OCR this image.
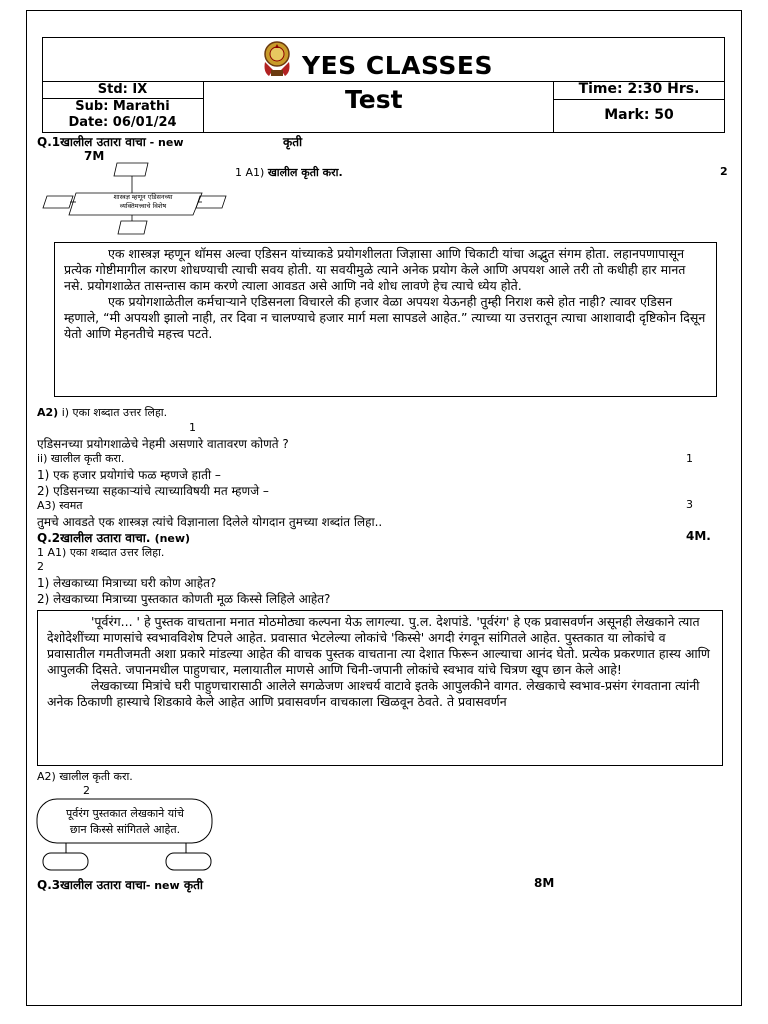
YES CLASSES
Test
Std: IX
Sub: Marathi
Date: 06/01/24
Time: 2:30 Hrs.
Mark: 50
Q.1खालील उतारा वाचा - new	कृती
7M
1 A1) खालील कृती करा.	2
शास्त्रज्ञ म्हणून एडिसनच्या
व्यक्तिमत्त्वाचे विशेष

एक शास्त्रज्ञ म्हणून थॉमस अल्वा एडिसन यांच्याकडे प्रयोगशीलता जिज्ञासा आणि चिकाटी यांचा अद्भुत संगम होता. लहानपणापासून प्रत्येक गोष्टीमागील कारण शोधण्याची त्याची सवय होती. या सवयीमुळे त्याने अनेक प्रयोग केले आणि अपयश आले तरी तो कधीही हार मानत नसे. प्रयोगशाळेत तासन्तास काम करणे त्याला आवडत असे आणि नवे शोध लावणे हेच त्याचे ध्येय होते.

एक प्रयोगशाळेतील कर्मचाऱ्याने एडिसनला विचारले की हजार वेळा अपयश येऊनही तुम्ही निराश कसे होत नाही? त्यावर एडिसन म्हणाले, “मी अपयशी झालो नाही, तर दिवा न चालण्याचे हजार मार्ग मला सापडले आहेत.” त्याच्या या उत्तरातून त्याचा आशावादी दृष्टिकोन दिसून येतो आणि मेहनतीचे महत्त्व पटते.

A2) i) एका शब्दात उत्तर लिहा.
1
एडिसनच्या प्रयोगशाळेचे नेहमी असणारे वातावरण कोणते ?
ii) खालील कृती करा.	1
1) एक हजार प्रयोगांचे फळ म्हणजे हाती –
2) एडिसनच्या सहकाऱ्यांचे त्याच्याविषयी मत म्हणजे –
A3) स्वमत	3
तुमचे आवडते एक शास्त्रज्ञ त्यांचे विज्ञानाला दिलेले योगदान तुमच्या शब्दांत लिहा..
Q.2खालील उतारा वाचा. (new)	4M.
1 A1) एका शब्दात उत्तर लिहा.
2
1) लेखकाच्या मित्राच्या घरी कोण आहेत?
2) लेखकाच्या मित्राच्या पुस्तकात कोणती मूळ किस्से लिहिले आहेत?

'पूर्वरंग... ' हे पुस्तक वाचताना मनात मोठमोठ्या कल्पना येऊ लागल्या. पु.ल. देशपांडे. 'पूर्वरंग' हे एक प्रवासवर्णन असूनही लेखकाने त्यात देशोदेशींच्या माणसांचे स्वभावविशेष टिपले आहेत. प्रवासात भेटलेल्या लोकांचे 'किस्से' अगदी रंगवून सांगितले आहेत. पुस्तकात या लोकांचे व प्रवासातील गमतीजमती अशा प्रकारे मांडल्या आहेत की वाचक पुस्तक वाचताना त्या देशात फिरून आल्याचा आनंद घेतो. प्रत्येक प्रकरणात हास्य आणि आपुलकी दिसते. जपानमधील पाहुणचार, मलायातील माणसे आणि चिनी-जपानी लोकांचे स्वभाव यांचे चित्रण खूप छान केले आहे!

लेखकाच्या मित्रांचे घरी पाहुणचारासाठी आलेले सगळेजण आश्चर्य वाटावे इतके आपुलकीने वागत. लेखकाचे स्वभाव-प्रसंग रंगवताना त्यांनी अनेक ठिकाणी हास्याचे शिडकावे केले आहेत आणि प्रवासवर्णन वाचकाला खिळवून ठेवते. ते प्रवासवर्णन

A2) खालील कृती करा.
2
पूर्वरंग पुस्तकात लेखकाने यांचे
छान किस्से सांगितले आहेत.
Q.3खालील उतारा वाचा- new कृती	8M
